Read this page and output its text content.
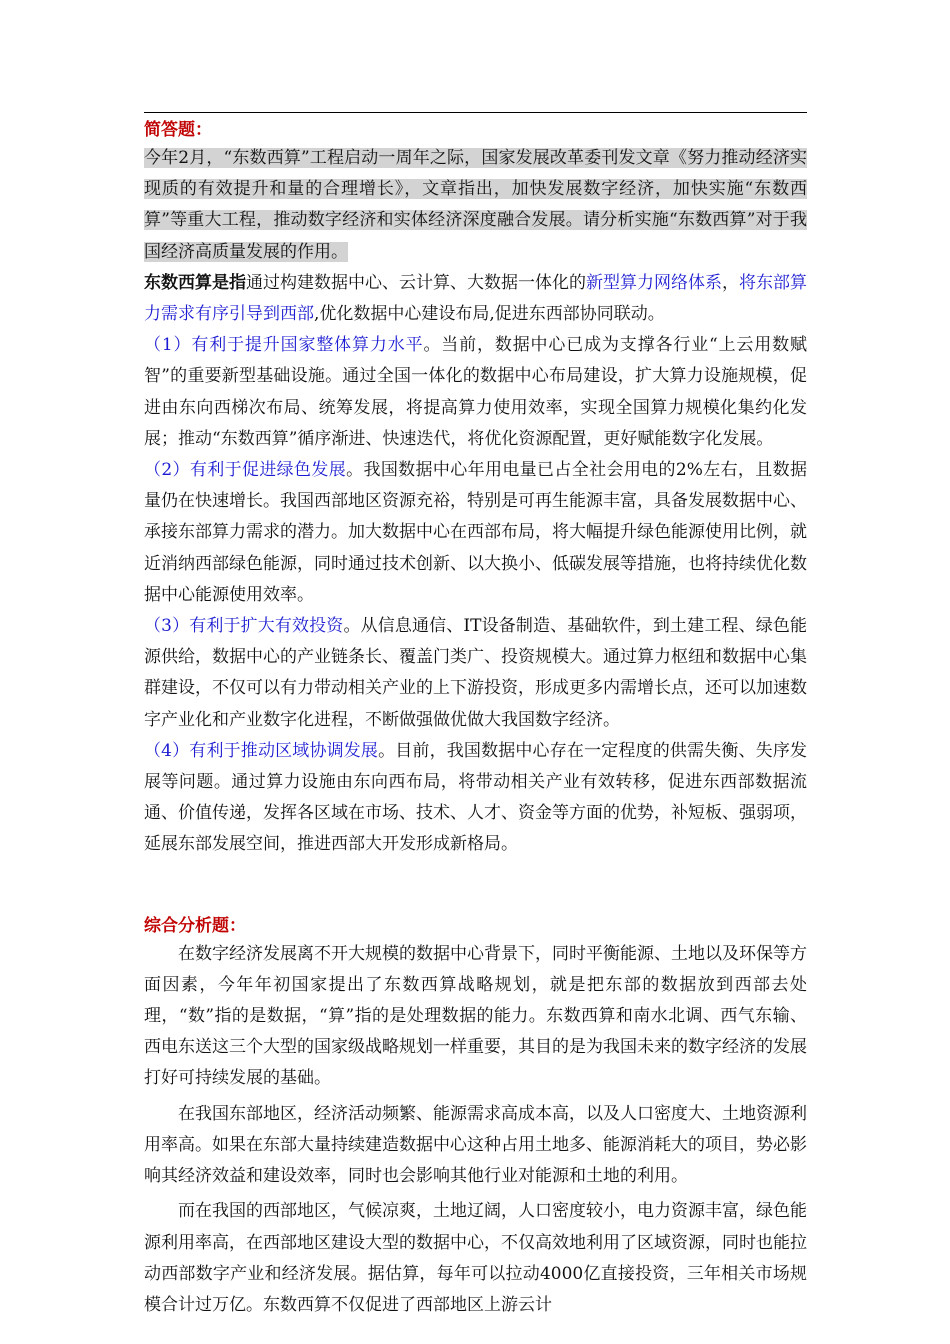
简答题：

今年2月，“东数西算”工程启动一周年之际，国家发展改革委刊发文章《努力推动经济实现质的有效提升和量的合理增长》，文章指出，加快发展数字经济，加快实施“东数西算”等重大工程，推动数字经济和实体经济深度融合发展。请分析实施“东数西算”对于我国经济高质量发展的作用。

东数西算是指通过构建数据中心、云计算、大数据一体化的新型算力网络体系，将东部算力需求有序引导到西部,优化数据中心建设布局,促进东西部协同联动。

（1）有利于提升国家整体算力水平。当前，数据中心已成为支撑各行业“上云用数赋智”的重要新型基础设施。通过全国一体化的数据中心布局建设，扩大算力设施规模，促进由东向西梯次布局、统筹发展，将提高算力使用效率，实现全国算力规模化集约化发展；推动“东数西算”循序渐进、快速迭代，将优化资源配置，更好赋能数字化发展。

（2）有利于促进绿色发展。我国数据中心年用电量已占全社会用电的2%左右，且数据量仍在快速增长。我国西部地区资源充裕，特别是可再生能源丰富，具备发展数据中心、承接东部算力需求的潜力。加大数据中心在西部布局，将大幅提升绿色能源使用比例，就近消纳西部绿色能源，同时通过技术创新、以大换小、低碳发展等措施，也将持续优化数据中心能源使用效率。

（3）有利于扩大有效投资。从信息通信、IT设备制造、基础软件，到土建工程、绿色能源供给，数据中心的产业链条长、覆盖门类广、投资规模大。通过算力枢纽和数据中心集群建设，不仅可以有力带动相关产业的上下游投资，形成更多内需增长点，还可以加速数字产业化和产业数字化进程，不断做强做优做大我国数字经济。

（4）有利于推动区域协调发展。目前，我国数据中心存在一定程度的供需失衡、失序发展等问题。通过算力设施由东向西布局，将带动相关产业有效转移，促进东西部数据流通、价值传递，发挥各区域在市场、技术、人才、资金等方面的优势，补短板、强弱项，延展东部发展空间，推进西部大开发形成新格局。

综合分析题：

在数字经济发展离不开大规模的数据中心背景下，同时平衡能源、土地以及环保等方面因素，今年年初国家提出了东数西算战略规划，就是把东部的数据放到西部去处理，“数”指的是数据，“算”指的是处理数据的能力。东数西算和南水北调、西气东输、西电东送这三个大型的国家级战略规划一样重要，其目的是为我国未来的数字经济的发展打好可持续发展的基础。

在我国东部地区，经济活动频繁、能源需求高成本高，以及人口密度大、土地资源利用率高。如果在东部大量持续建造数据中心这种占用土地多、能源消耗大的项目，势必影响其经济效益和建设效率，同时也会影响其他行业对能源和土地的利用。

而在我国的西部地区，气候凉爽，土地辽阔，人口密度较小，电力资源丰富，绿色能源利用率高，在西部地区建设大型的数据中心，不仅高效地利用了区域资源，同时也能拉动西部数字产业和经济发展。据估算，每年可以拉动4000亿直接投资，三年相关市场规模合计过万亿。东数西算不仅促进了西部地区上游云计
